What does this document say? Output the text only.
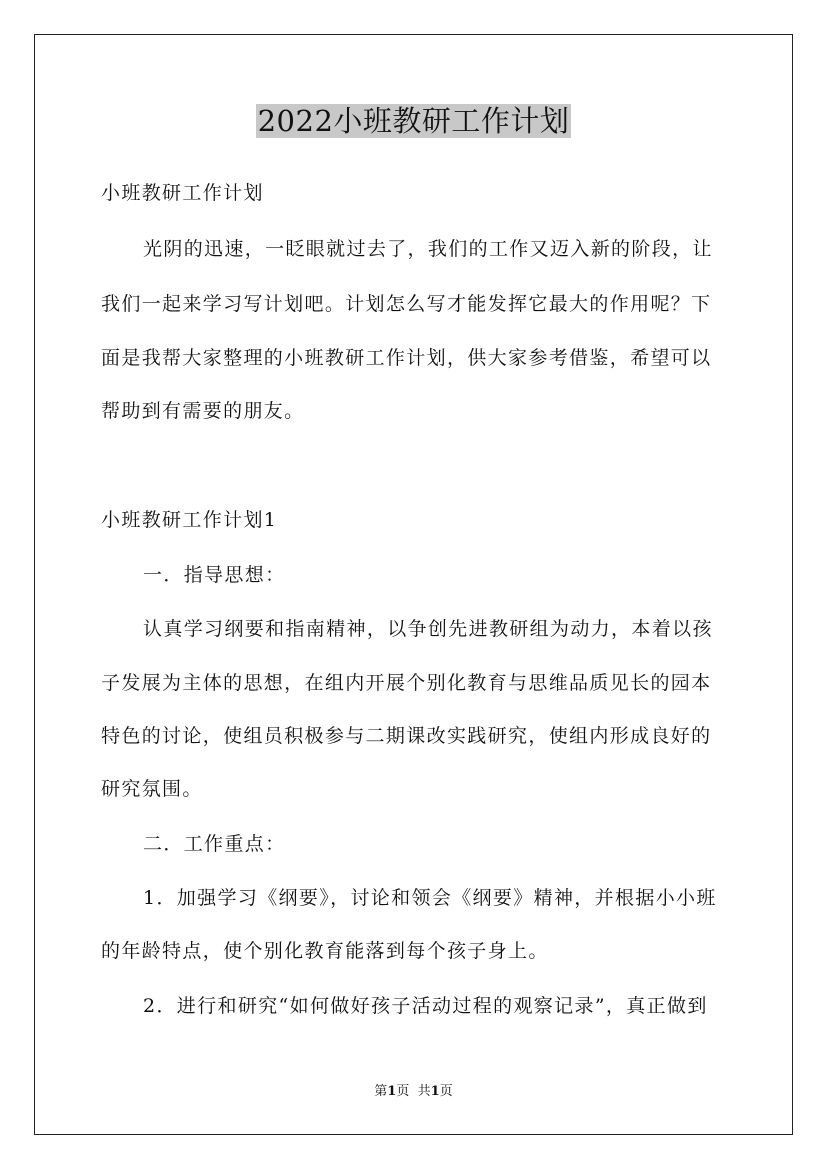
2022小班教研工作计划
小班教研工作计划
光阴的迅速，一眨眼就过去了，我们的工作又迈入新的阶段，让
我们一起来学习写计划吧。计划怎么写才能发挥它最大的作用呢？下
面是我帮大家整理的小班教研工作计划，供大家参考借鉴，希望可以
帮助到有需要的朋友。
小班教研工作计划1
一．指导思想：
认真学习纲要和指南精神，以争创先进教研组为动力，本着以孩
子发展为主体的思想，在组内开展个别化教育与思维品质见长的园本
特色的讨论，使组员积极参与二期课改实践研究，使组内形成良好的
研究氛围。
二．工作重点：
1．加强学习《纲要》，讨论和领会《纲要》精神，并根据小小班
的年龄特点，使个别化教育能落到每个孩子身上。
2．进行和研究“如何做好孩子活动过程的观察记录”，真正做到
第1页 共1页
